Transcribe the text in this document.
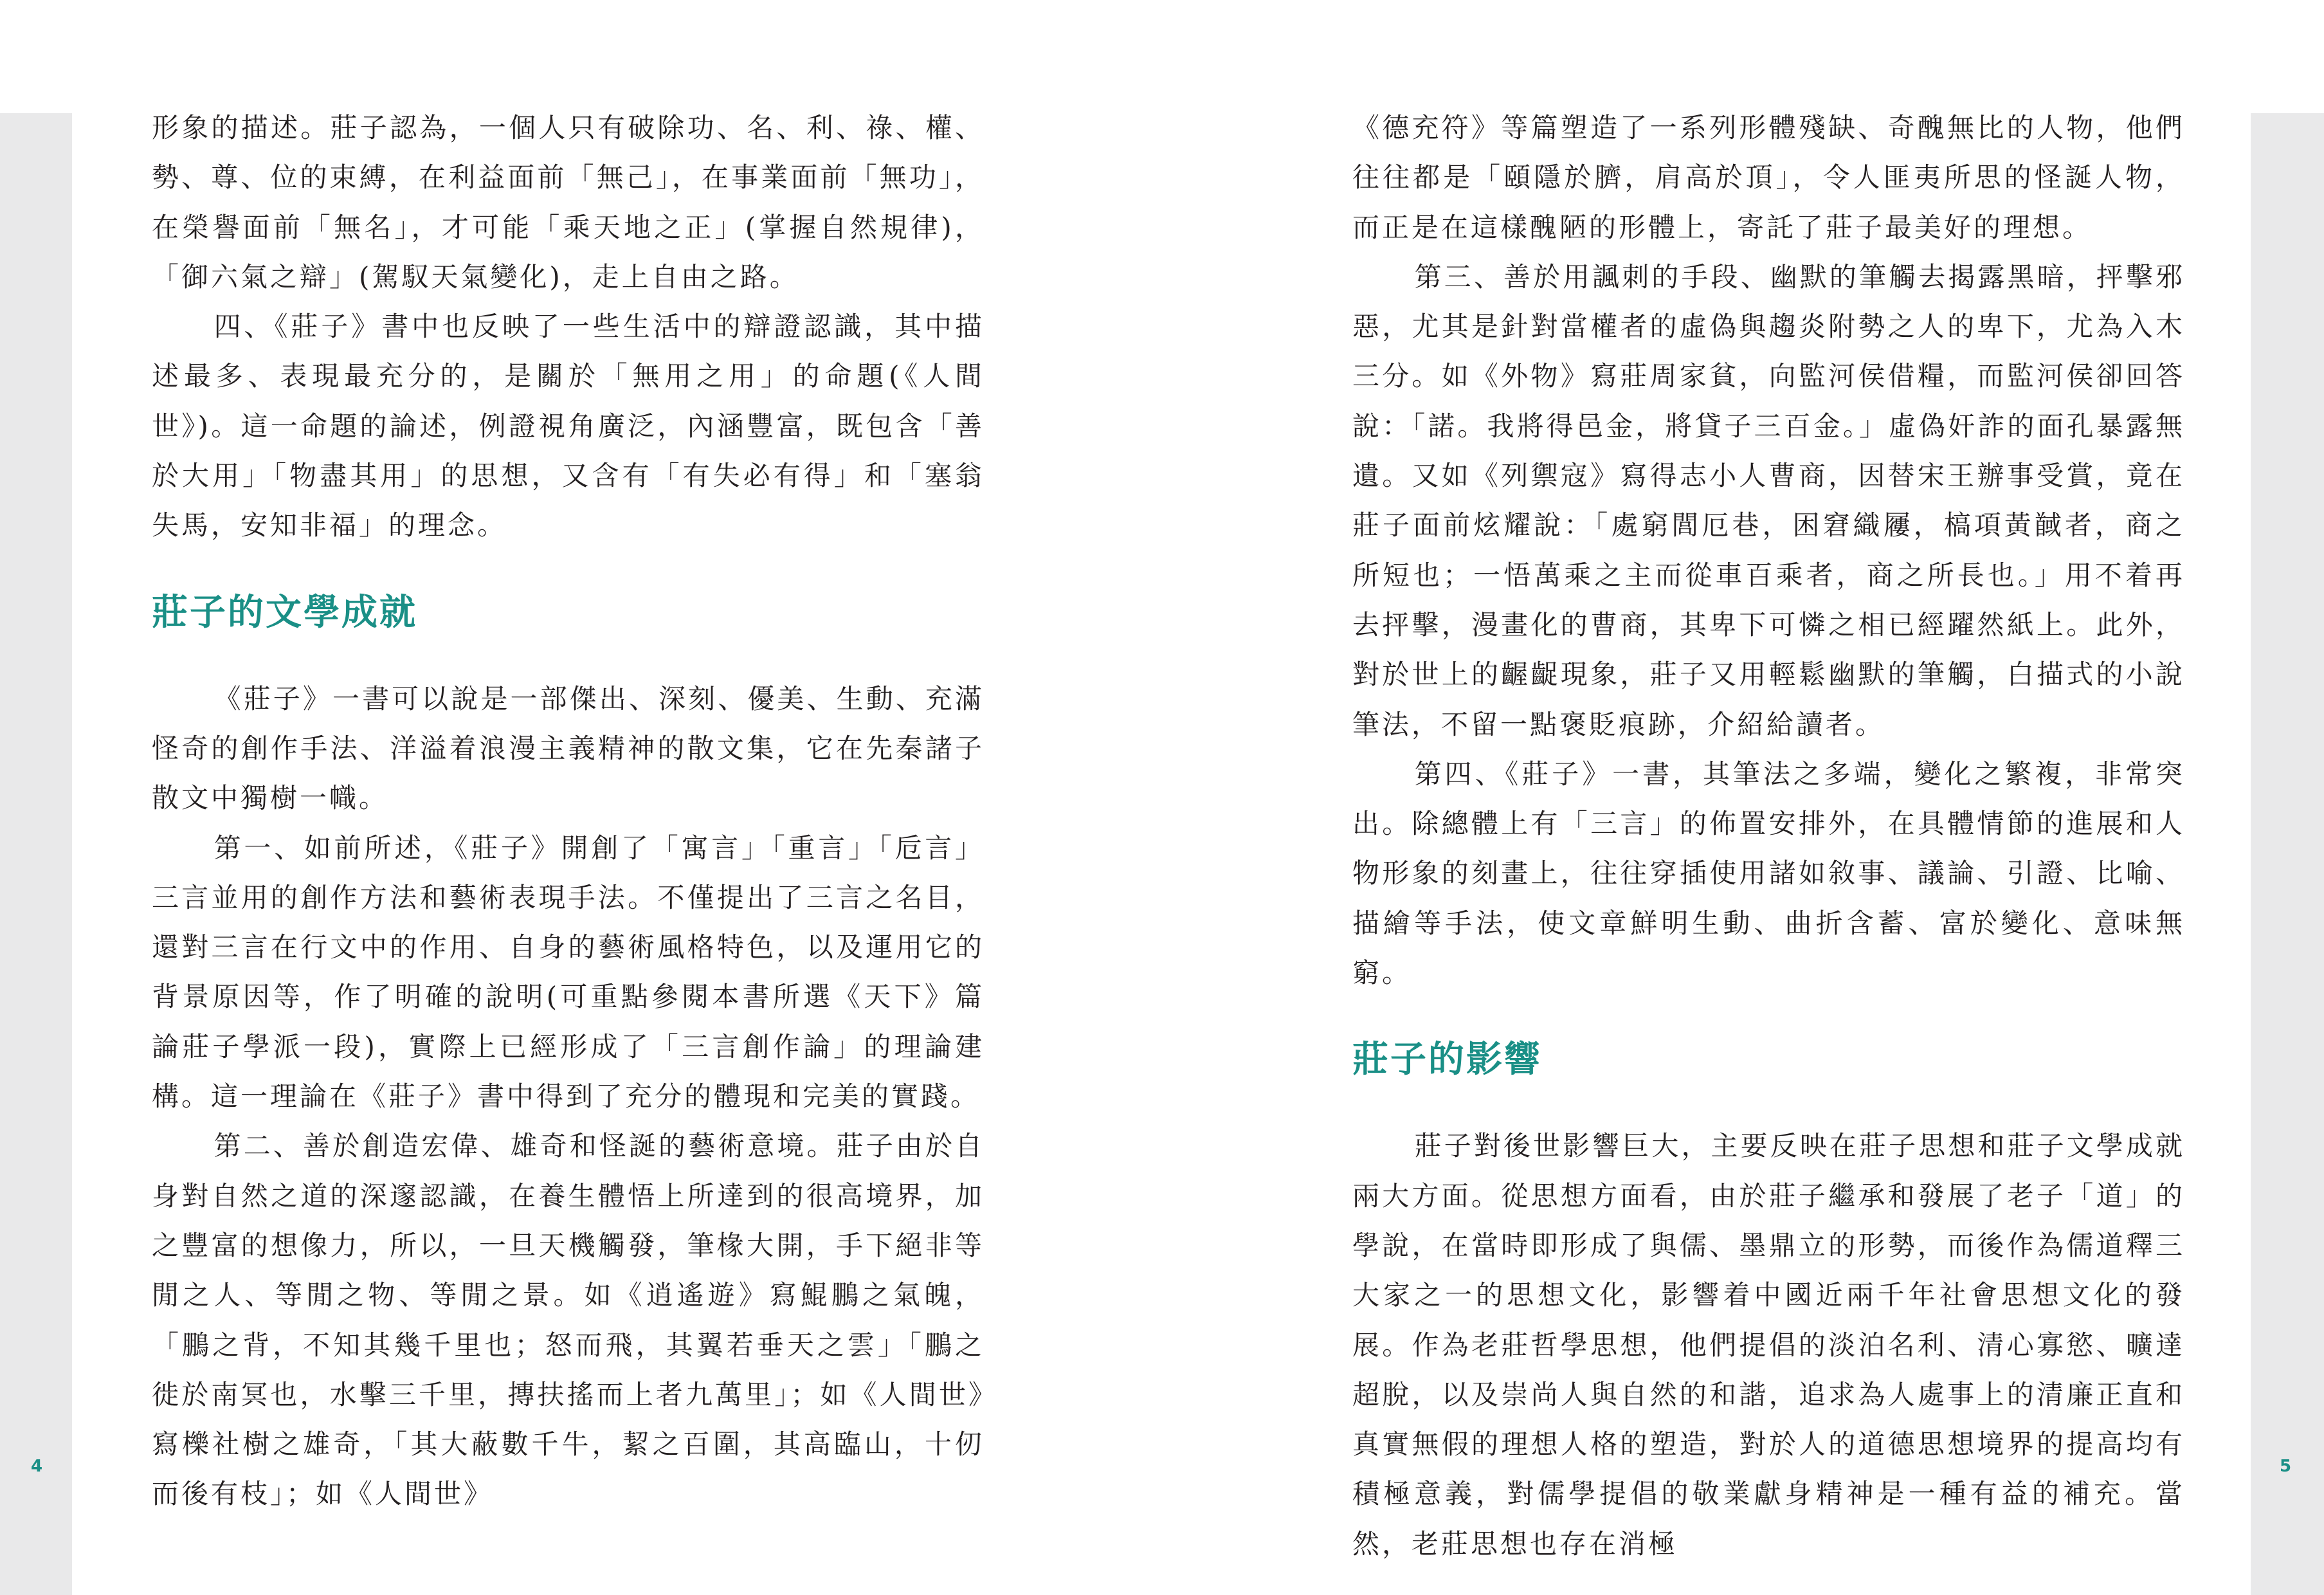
4	5

形象的描述。莊子認為，一個人只有破除功、名、利、祿、權、勢、尊、位的束縛，在利益面前「無己」，在事業面前「無功」，在榮譽面前「無名」，才可能「乘天地之正」(掌握自然規律)，「御六氣之辯」(駕馭天氣變化)，走上自由之路。

四、《莊子》書中也反映了一些生活中的辯證認識，其中描述最多、表現最充分的，是關於「無用之用」的命題(《人間世》)。這一命題的論述，例證視角廣泛，內涵豐富，既包含「善於大用」「物盡其用」的思想，又含有「有失必有得」和「塞翁失馬，安知非福」的理念。

莊子的文學成就

《莊子》一書可以說是一部傑出、深刻、優美、生動、充滿怪奇的創作手法、洋溢着浪漫主義精神的散文集，它在先秦諸子散文中獨樹一幟。

第一、如前所述，《莊子》開創了「寓言」「重言」「卮言」三言並用的創作方法和藝術表現手法。不僅提出了三言之名目，還對三言在行文中的作用、自身的藝術風格特色，以及運用它的背景原因等，作了明確的說明(可重點參閱本書所選《天下》篇論莊子學派一段)，實際上已經形成了「三言創作論」的理論建構。這一理論在《莊子》書中得到了充分的體現和完美的實踐。

第二、善於創造宏偉、雄奇和怪誕的藝術意境。莊子由於自身對自然之道的深邃認識，在養生體悟上所達到的很高境界，加之豐富的想像力，所以，一旦天機觸發，筆椽大開，手下絕非等閒之人、等閒之物、等閒之景。如《逍遙遊》寫鯤鵬之氣魄，「鵬之背，不知其幾千里也；怒而飛，其翼若垂天之雲」「鵬之徙於南冥也，水擊三千里，摶扶搖而上者九萬里」；如《人間世》寫櫟社樹之雄奇，「其大蔽數千牛，絜之百圍，其高臨山，十仞而後有枝」；如《人間世》

《德充符》等篇塑造了一系列形體殘缺、奇醜無比的人物，他們往往都是「頤隱於臍，肩高於頂」，令人匪夷所思的怪誕人物，而正是在這樣醜陋的形體上，寄託了莊子最美好的理想。

第三、善於用諷刺的手段、幽默的筆觸去揭露黑暗，抨擊邪惡，尤其是針對當權者的虛偽與趨炎附勢之人的卑下，尤為入木三分。如《外物》寫莊周家貧，向監河侯借糧，而監河侯卻回答說：「諾。我將得邑金，將貸子三百金。」虛偽奸詐的面孔暴露無遺。又如《列禦寇》寫得志小人曹商，因替宋王辦事受賞，竟在莊子面前炫耀說：「處窮閭厄巷，困窘織屨，槁項黃馘者，商之所短也；一悟萬乘之主而從車百乘者，商之所長也。」用不着再去抨擊，漫畫化的曹商，其卑下可憐之相已經躍然紙上。此外，對於世上的齷齪現象，莊子又用輕鬆幽默的筆觸，白描式的小說筆法，不留一點褒貶痕跡，介紹給讀者。

第四、《莊子》一書，其筆法之多端，變化之繁複，非常突出。除總體上有「三言」的佈置安排外，在具體情節的進展和人物形象的刻畫上，往往穿插使用諸如敘事、議論、引證、比喻、描繪等手法，使文章鮮明生動、曲折含蓄、富於變化、意味無窮。

莊子的影響

莊子對後世影響巨大，主要反映在莊子思想和莊子文學成就兩大方面。從思想方面看，由於莊子繼承和發展了老子「道」的學說，在當時即形成了與儒、墨鼎立的形勢，而後作為儒道釋三大家之一的思想文化，影響着中國近兩千年社會思想文化的發展。作為老莊哲學思想，他們提倡的淡泊名利、清心寡慾、曠達超脫，以及崇尚人與自然的和諧，追求為人處事上的清廉正直和真實無假的理想人格的塑造，對於人的道德思想境界的提高均有積極意義，對儒學提倡的敬業獻身精神是一種有益的補充。當然，老莊思想也存在消極
